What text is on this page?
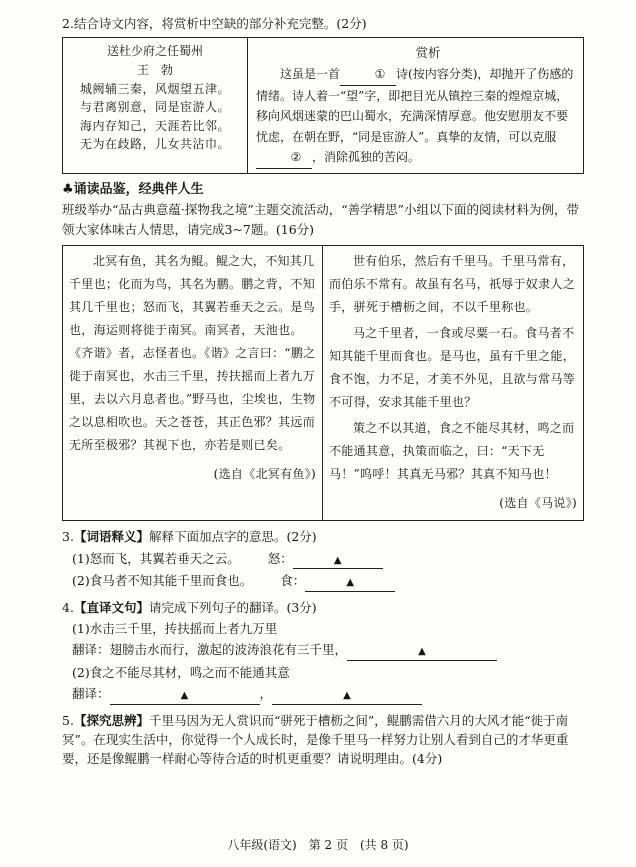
2.结合诗文内容，将赏析中空缺的部分补充完整。(2分)

送杜少府之任蜀州

王　勃

城阙辅三秦，风烟望五津。

与君离别意，同是宦游人。

海内存知己，天涯若比邻。

无为在歧路，儿女共沾巾。

赏析

这虽是一首	① 诗(按内容分类)，却抛开了伤感的情绪。诗人着一“望”字，即把目光从镇控三秦的煌煌京城，移向风烟迷蒙的巴山蜀水，充满深情厚意。他安慰朋友不要忧虑，在朝在野，“同是宦游人”。真挚的友情，可以克服② ，消除孤独的苦闷。

♣诵读品鉴，经典伴人生

班级举办“品古典意蕴·探物我之境”主题交流活动，“善学精思”小组以下面的阅读材料为例，带领大家体味古人情思，请完成3~7题。(16分)

北冥有鱼，其名为鲲。鲲之大，不知其几千里也；化而为鸟，其名为鹏。鹏之背，不知其几千里也；怒而飞，其翼若垂天之云。是鸟也，海运则将徙于南冥。南冥者，天池也。《齐谐》者，志怪者也。《谐》之言曰：“鹏之徙于南冥也，水击三千里，抟扶摇而上者九万里，去以六月息者也。”野马也，尘埃也，生物之以息相吹也。天之苍苍，其正色邪？其远而无所至极邪？其视下也，亦若是则已矣。

(选自《北冥有鱼》)

世有伯乐，然后有千里马。千里马常有，而伯乐不常有。故虽有名马，祇辱于奴隶人之手，骈死于槽枥之间，不以千里称也。

马之千里者，一食或尽粟一石。食马者不知其能千里而食也。是马也，虽有千里之能，食不饱，力不足，才美不外见，且欲与常马等不可得，安求其能千里也？

策之不以其道，食之不能尽其材，鸣之而不能通其意，执策而临之，曰：“天下无马！”呜呼！其真无马邪？其真不知马也！

(选自《马说》)

3.【词语释义】解释下面加点字的意思。(2分)

(1)怒而飞，其翼若垂天之云。 怒：	▲

(2)食马者不知其能千里而食也。 食：	▲

4.【直译文句】请完成下列句子的翻译。(3分)

(1)水击三千里，抟扶摇而上者九万里

翻译：翅膀击水而行，激起的波涛浪花有三千里，	▲

(2)食之不能尽其材，鸣之而不能通其意

翻译：	▲	，	▲

5.【探究思辨】千里马因为无人赏识而“骈死于槽枥之间”，鲲鹏需借六月的大风才能“徙于南冥”。在现实生活中，你觉得一个人成长时，是像千里马一样努力让别人看到自己的才华更重要，还是像鲲鹏一样耐心等待合适的时机更重要？请说明理由。(4分)

八年级(语文)　第 2 页　(共 8 页)
